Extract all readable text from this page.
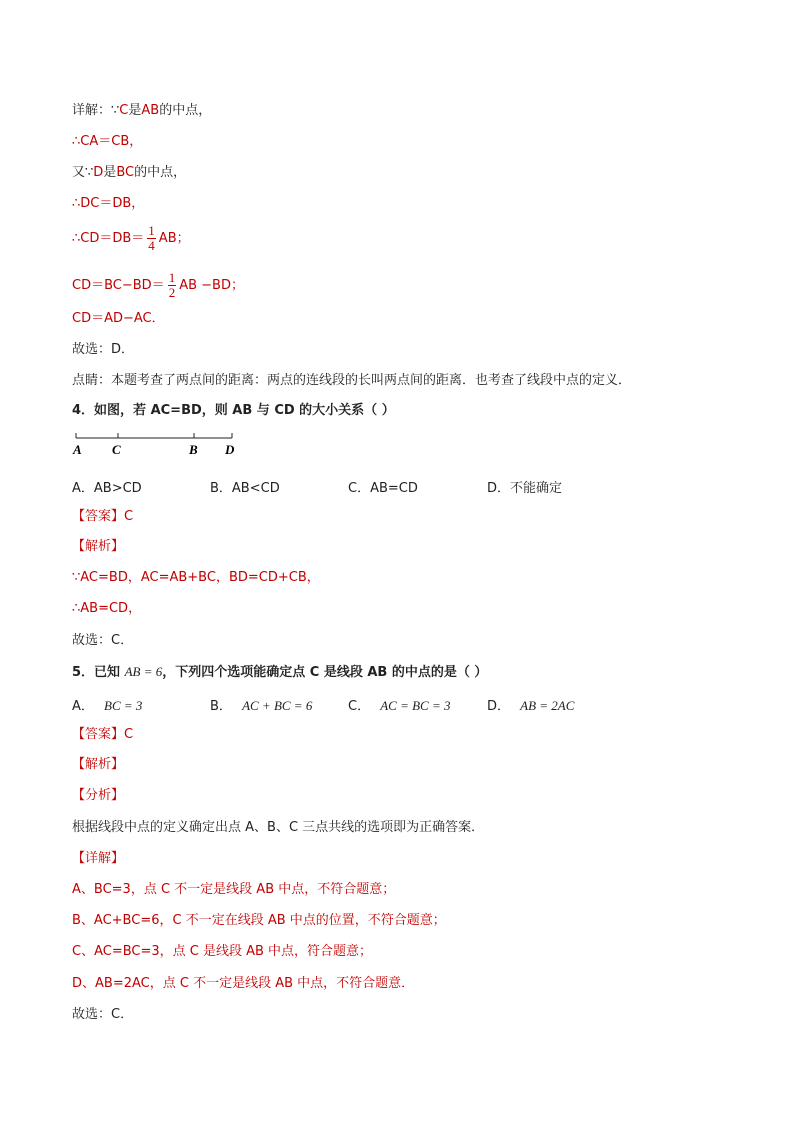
详解：∵C是AB的中点，
∴CA＝CB，
又∵D是BC的中点，
∴DC＝DB，
∴CD＝DB＝ $\frac{1}{4}$ AB；
$CD=BC-BD= \frac{1}{2}$ AB −BD；
CD＝AD−AC．
故选：D．
点睛：本题考查了两点间的距离：两点的连线段的长叫两点间的距离．也考查了线段中点的定义．
4．如图，若 AC=BD，则 AB 与 CD 的大小关系（ ）
A C	B D
A．AB>CD	B．AB<CD	C．AB=CD	D．不能确定
【答案】C
【解析】
∵AC=BD，AC=AB+BC，BD=CD+CB，
∴AB=CD，
故选：C．
5．已知 AB = 6，下列四个选项能确定点 C 是线段 AB 的中点的是（ ）
A． BC = 3	B． AC + BC = 6	C． AC = BC = 3	D． AB = 2AC
【答案】C
【解析】
【分析】
根据线段中点的定义确定出点 A、B、C 三点共线的选项即为正确答案．
【详解】
A、BC=3，点 C 不一定是线段 AB 中点，不符合题意；
B、AC+BC=6，C 不一定在线段 AB 中点的位置，不符合题意；
C、AC=BC=3，点 C 是线段 AB 中点，符合题意；
D、AB=2AC，点 C 不一定是线段 AB 中点，不符合题意．
故选：C．
